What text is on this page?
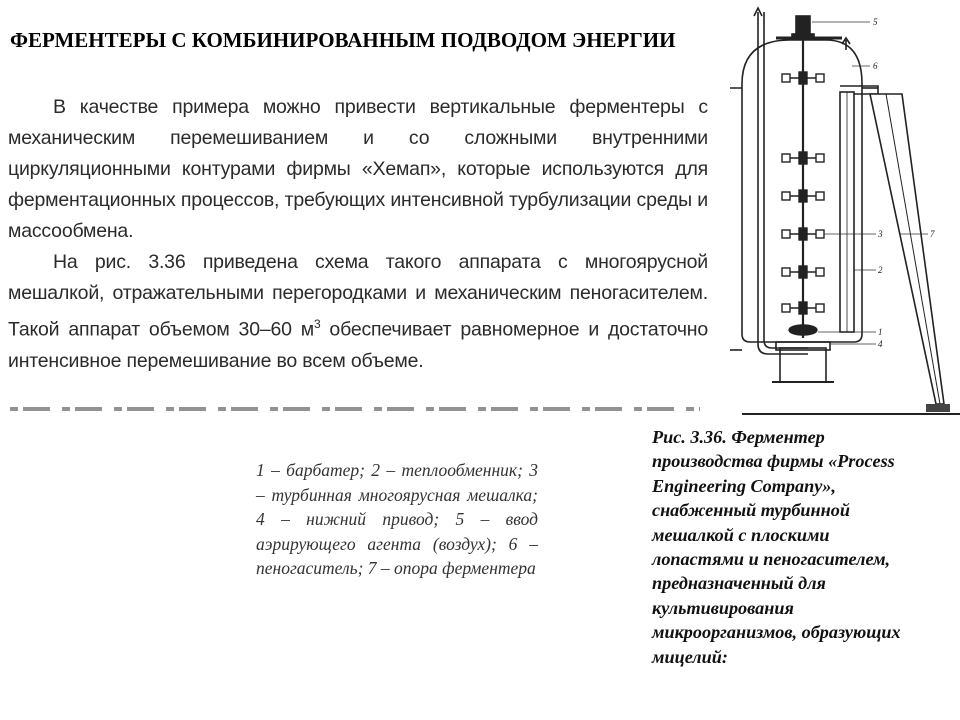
ФЕРМЕНТЕРЫ С КОМБИНИРОВАННЫМ ПОДВОДОМ ЭНЕРГИИ

В качестве примера можно привести вертикальные ферментеры с механическим перемешиванием и со сложными внутренними циркуляционными контурами фирмы «Хемап», которые используются для ферментационных процессов, требующих интенсивной турбулизации среды и массообмена.

На рис. 3.36 приведена схема такого аппарата с многоярусной мешалкой, отражательными перегородками и механическим пеногасителем. Такой аппарат объемом 30–60 $м^3$ обеспечивает равномерное и достаточно интенсивное перемешивание во всем объеме.

1 – барбатер; 2 – теплообменник; 3 – турбинная многоярусная мешалка; 4 – нижний привод; 5 – ввод аэрирующего агента (воздух); 6 – пеногаситель; 7 – опора ферментера

Рис. 3.36. Ферментер производства фирмы «Process Engineering Company», снабженный турбинной мешалкой с плоскими лопастями и пеногасителем, предназначенный для культивирования микроорганизмов, образующих мицелий:

5
6
3	7
2
1
4
